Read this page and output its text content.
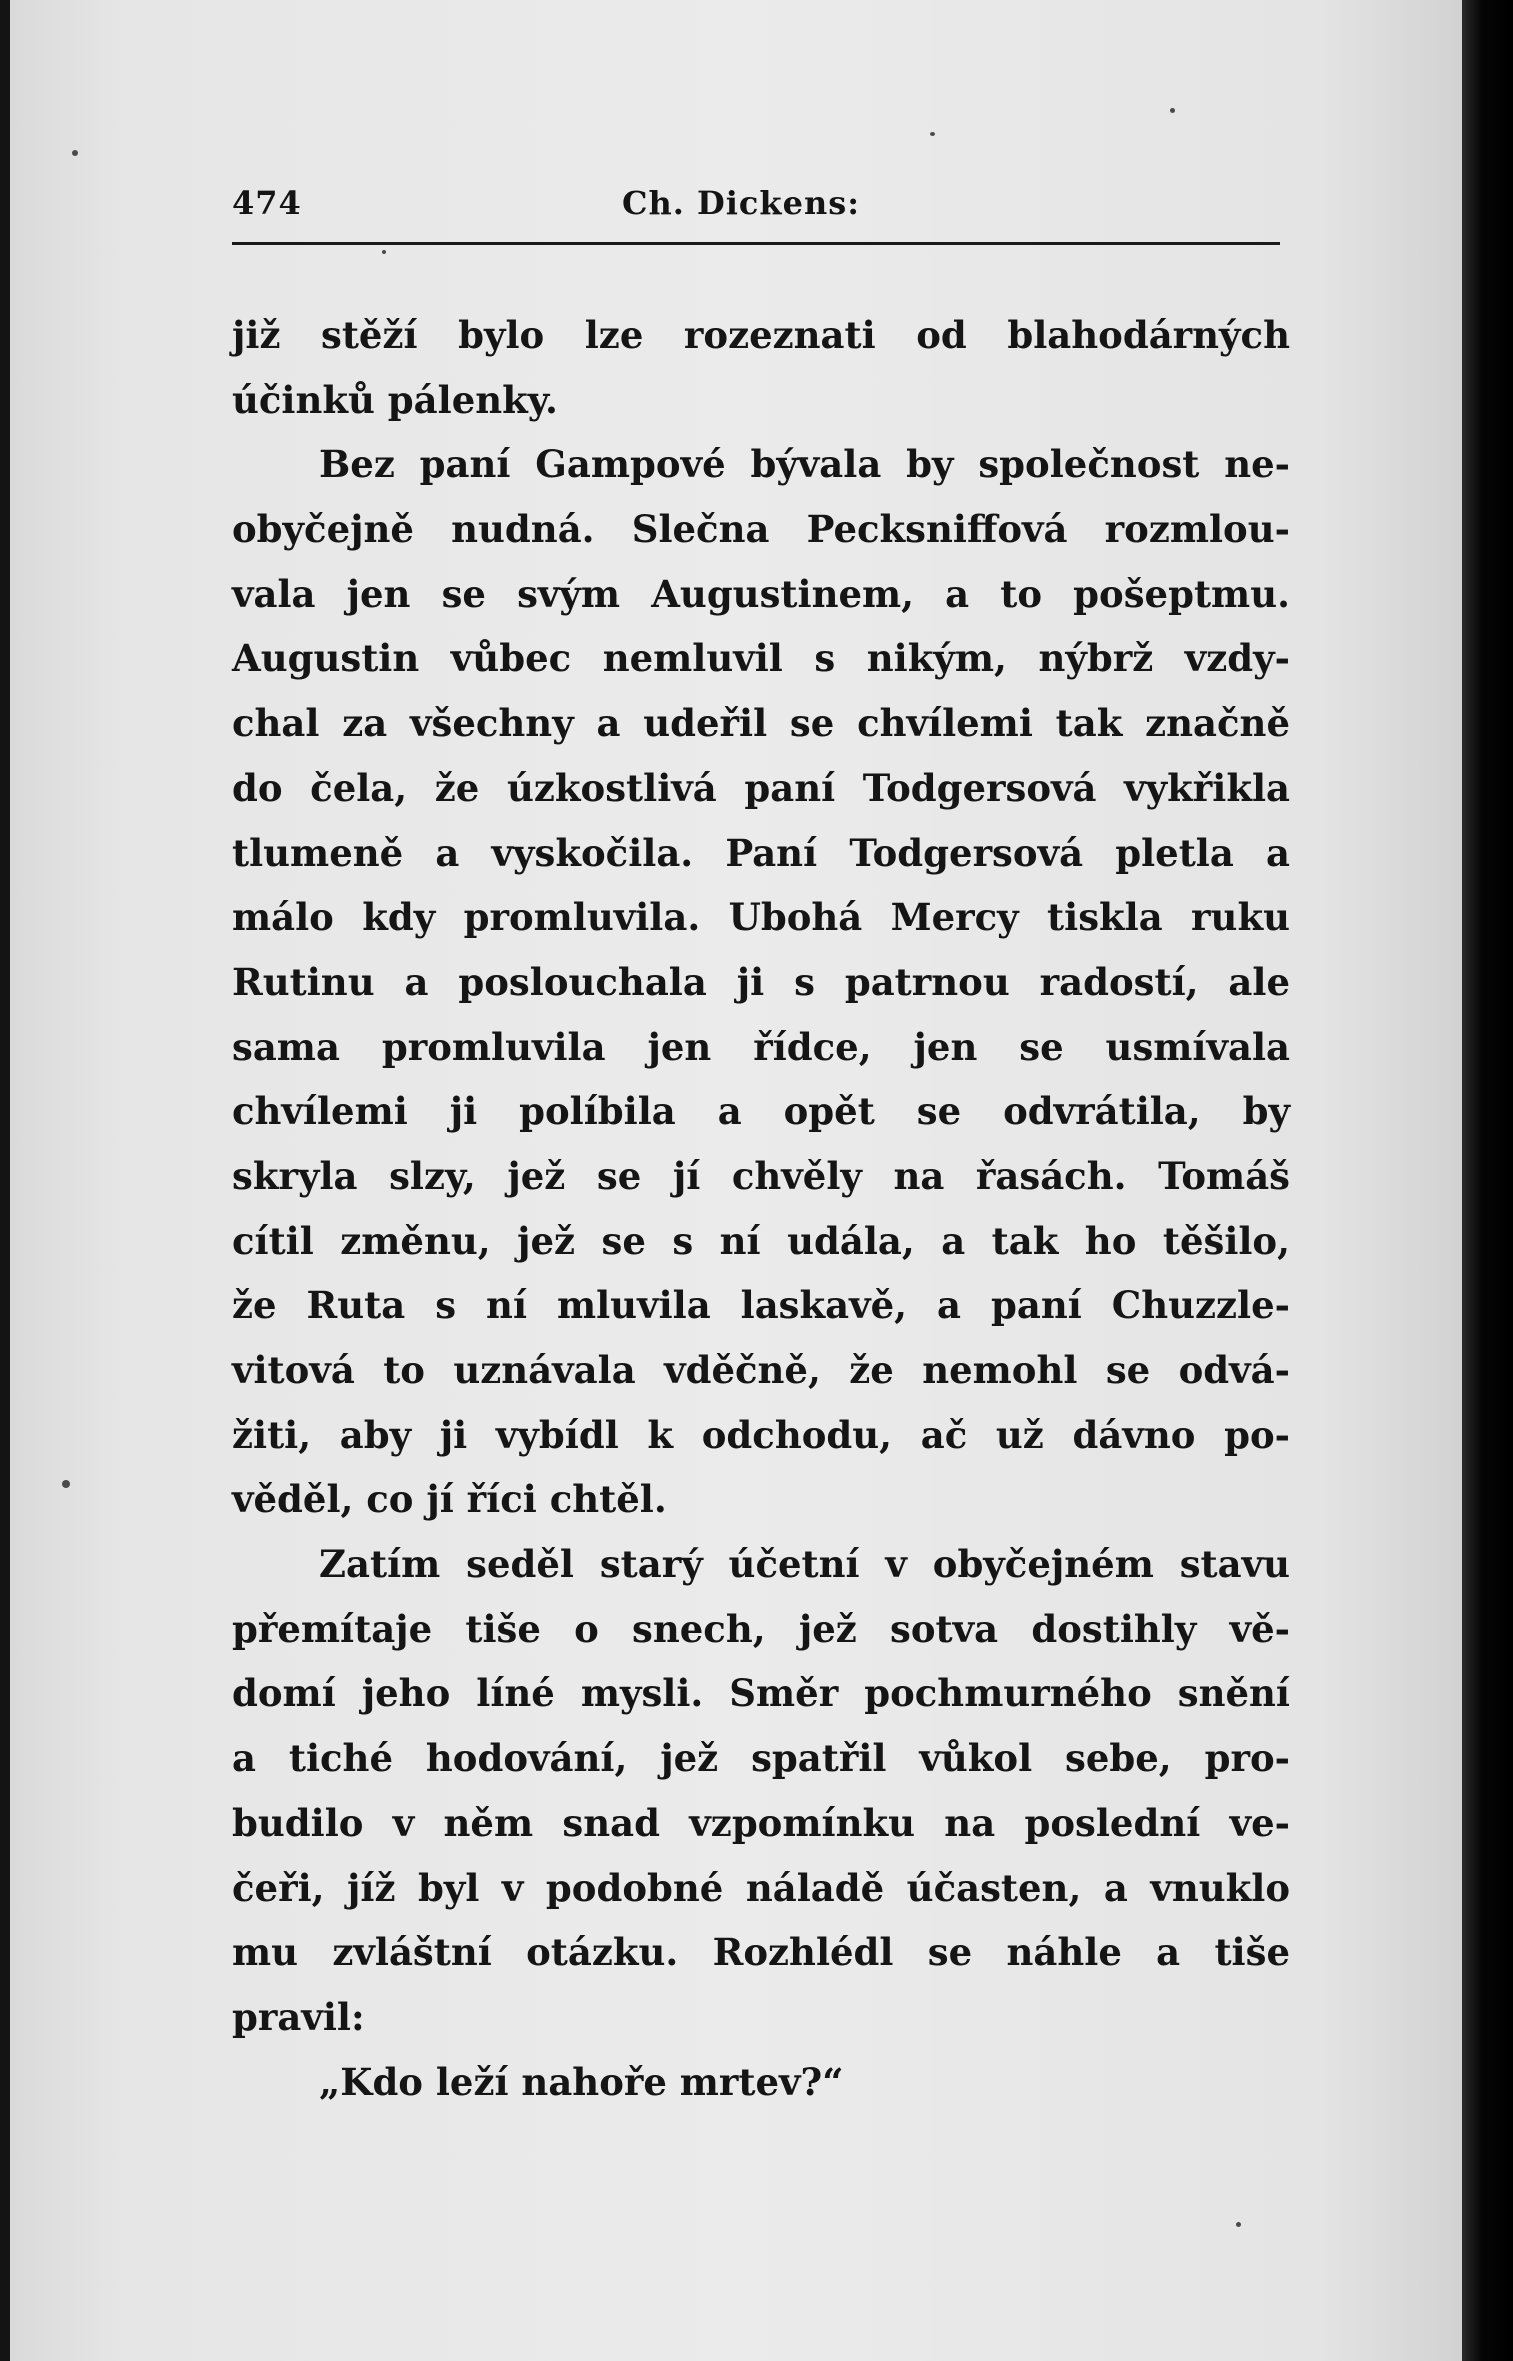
474	Ch. Dickens:
již stěží bylo lze rozeznati od blahodárných
účinků pálenky.
Bez paní Gampové bývala by společnost ne-
obyčejně nudná. Slečna Pecksniffová rozmlou-
vala jen se svým Augustinem, a to pošeptmu.
Augustin vůbec nemluvil s nikým, nýbrž vzdy-
chal za všechny a udeřil se chvílemi tak značně
do čela, že úzkostlivá paní Todgersová vykřikla
tlumeně a vyskočila. Paní Todgersová pletla a
málo kdy promluvila. Ubohá Mercy tiskla ruku
Rutinu a poslouchala ji s patrnou radostí, ale
sama promluvila jen řídce, jen se usmívala
chvílemi ji políbila a opět se odvrátila, by
skryla slzy, jež se jí chvěly na řasách. Tomáš
cítil změnu, jež se s ní udála, a tak ho těšilo,
že Ruta s ní mluvila laskavě, a paní Chuzzle-
vitová to uznávala vděčně, že nemohl se odvá-
žiti, aby ji vybídl k odchodu, ač už dávno po-
věděl, co jí říci chtěl.
Zatím seděl starý účetní v obyčejném stavu
přemítaje tiše o snech, jež sotva dostihly vě-
domí jeho líné mysli. Směr pochmurného snění
a tiché hodování, jež spatřil vůkol sebe, pro-
budilo v něm snad vzpomínku na poslední ve-
čeři, jíž byl v podobné náladě účasten, a vnuklo
mu zvláštní otázku. Rozhlédl se náhle a tiše
pravil:
„Kdo leží nahoře mrtev?“
